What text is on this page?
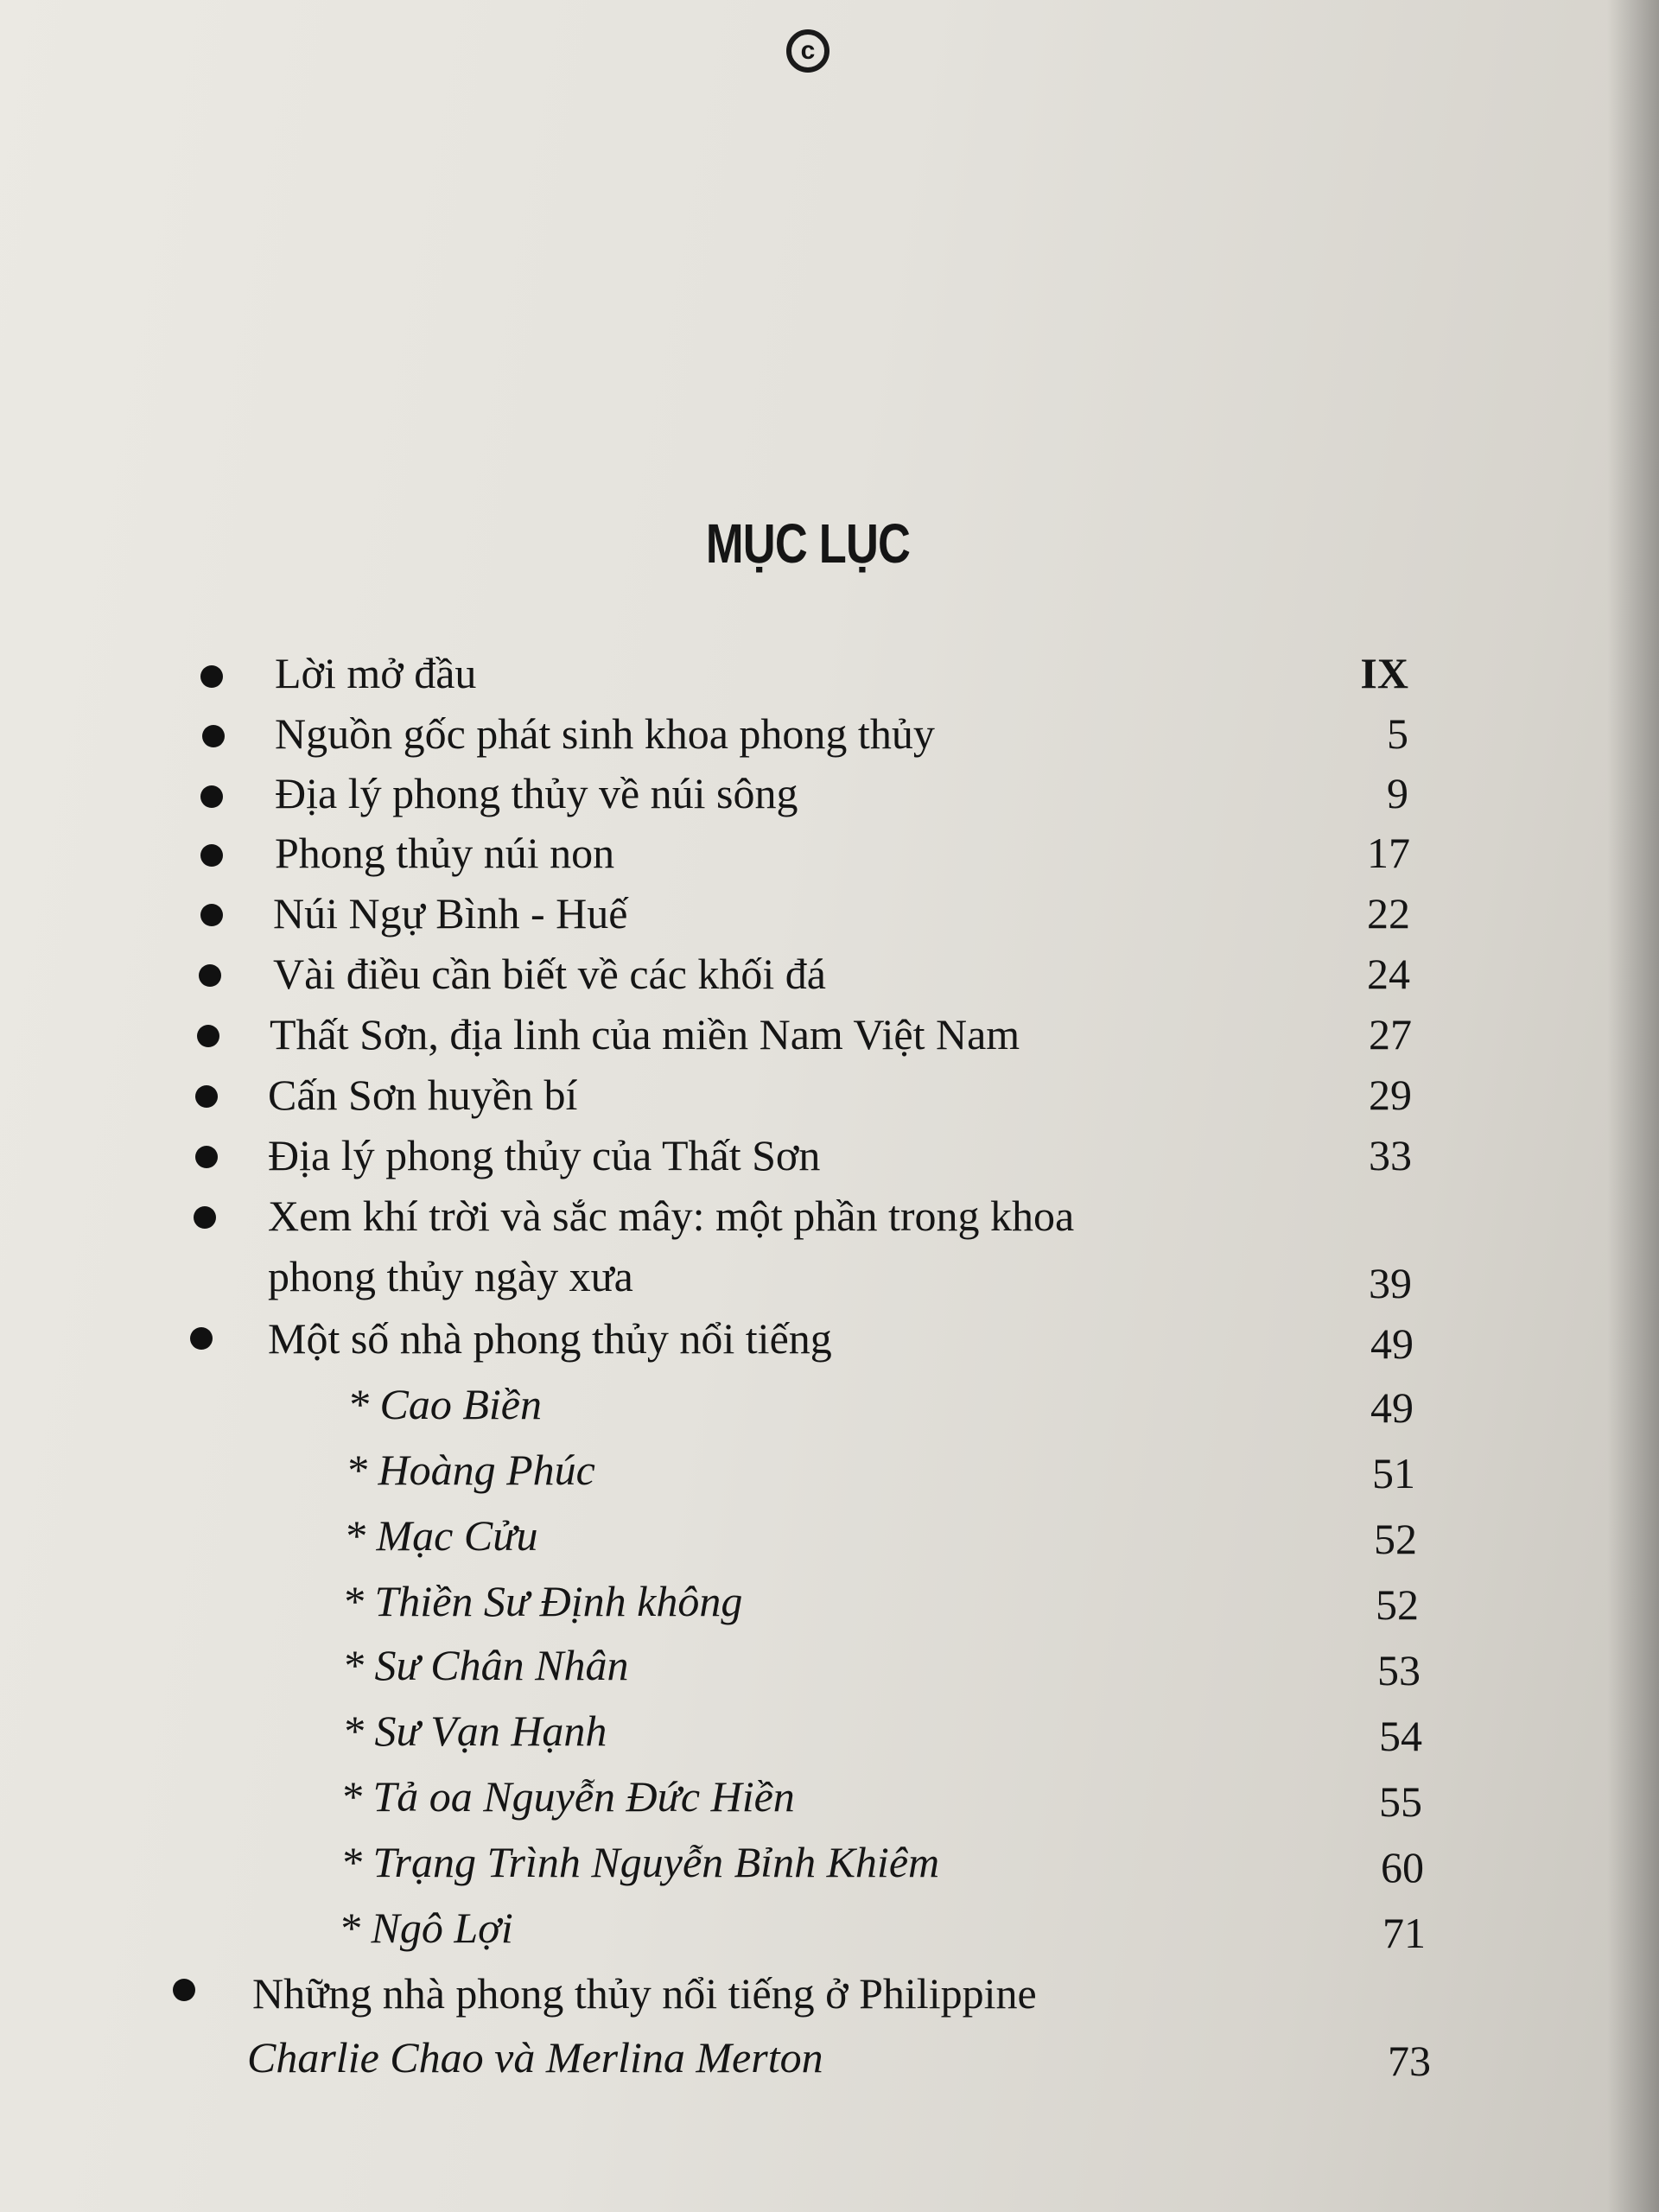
c
MỤC LỤC
Lời mở đầu	IX
Nguồn gốc phát sinh khoa phong thủy	5
Địa lý phong thủy về núi sông	9
Phong thủy núi non	17
Núi Ngự Bình - Huế	22
Vài điều cần biết về các khối đá	24
Thất Sơn, địa linh của miền Nam Việt Nam	27
Cấn Sơn huyền bí	29
Địa lý phong thủy của Thất Sơn	33
Xem khí trời và sắc mây: một phần trong khoa
phong thủy ngày xưa	39
Một số nhà phong thủy nổi tiếng	49
* Cao Biền	49
* Hoàng Phúc	51
* Mạc Cửu	52
* Thiền Sư Định không	52
* Sư Chân Nhân	53
* Sư Vạn Hạnh	54
* Tả oa Nguyễn Đức Hiền	55
* Trạng Trình Nguyễn Bỉnh Khiêm	60
* Ngô Lợi	71
Những nhà phong thủy nổi tiếng ở Philippine
Charlie Chao và Merlina Merton	73
